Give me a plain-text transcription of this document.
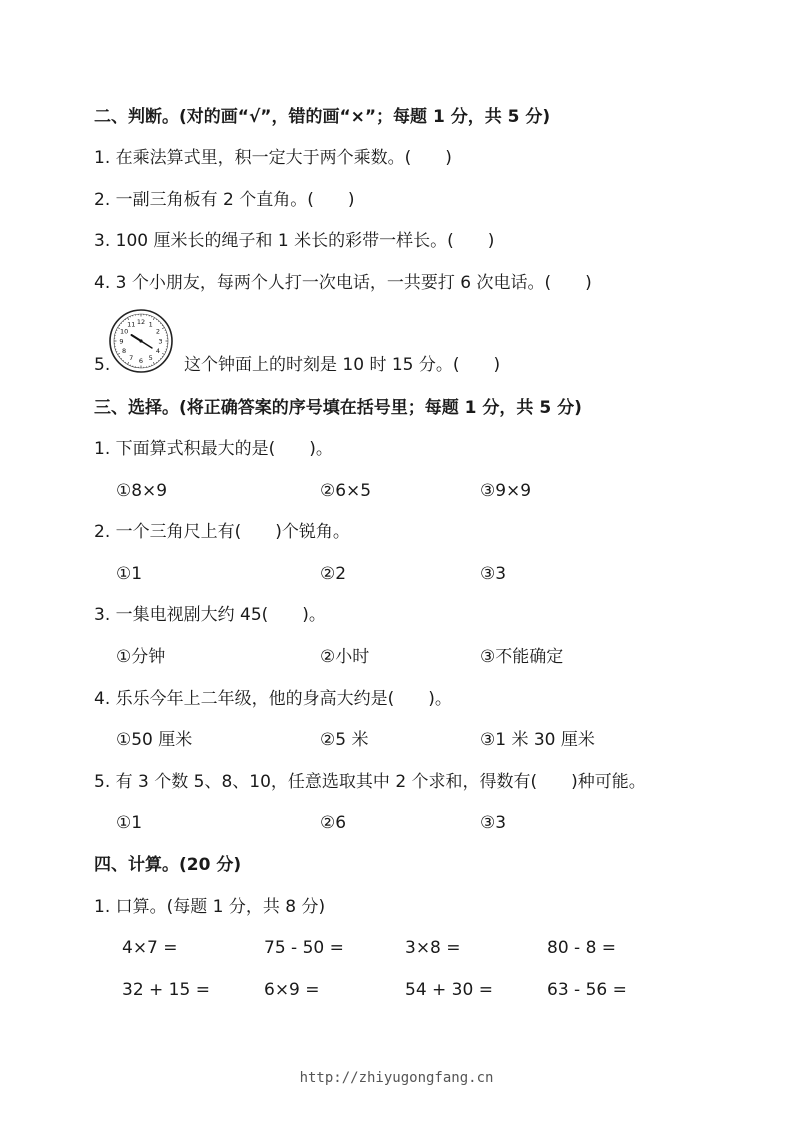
二、判断。(对的画“√”，错的画“×”；每题 1 分，共 5 分)
1. 在乘法算式里，积一定大于两个乘数。(　　)
2. 一副三角板有 2 个直角。(　　)
3. 100 厘米长的绳子和 1 米长的彩带一样长。(　　)
4. 3 个小朋友，每两个人打一次电话，一共要打 6 次电话。(　　)
5.
12 1
2
3
4
5
6
7
8
9
10
11
这个钟面上的时刻是 10 时 15 分。(　　)
三、选择。(将正确答案的序号填在括号里；每题 1 分，共 5 分)
1. 下面算式积最大的是(　　)。
①8×9	②6×5	③9×9
2. 一个三角尺上有(　　)个锐角。
①1	②2	③3
3. 一集电视剧大约 45(　　)。
①分钟	②小时	③不能确定
4. 乐乐今年上二年级，他的身高大约是(　　)。
①50 厘米	②5 米	③1 米 30 厘米
5. 有 3 个数 5、8、10，任意选取其中 2 个求和，得数有(　　)种可能。
①1	②6	③3
四、计算。(20 分)
1. 口算。(每题 1 分，共 8 分)
4×7 =	75 - 50 =	3×8 =	80 - 8 =
32 + 15 =	6×9 =	54 + 30 =	63 - 56 =
http://zhiyugongfang.cn
